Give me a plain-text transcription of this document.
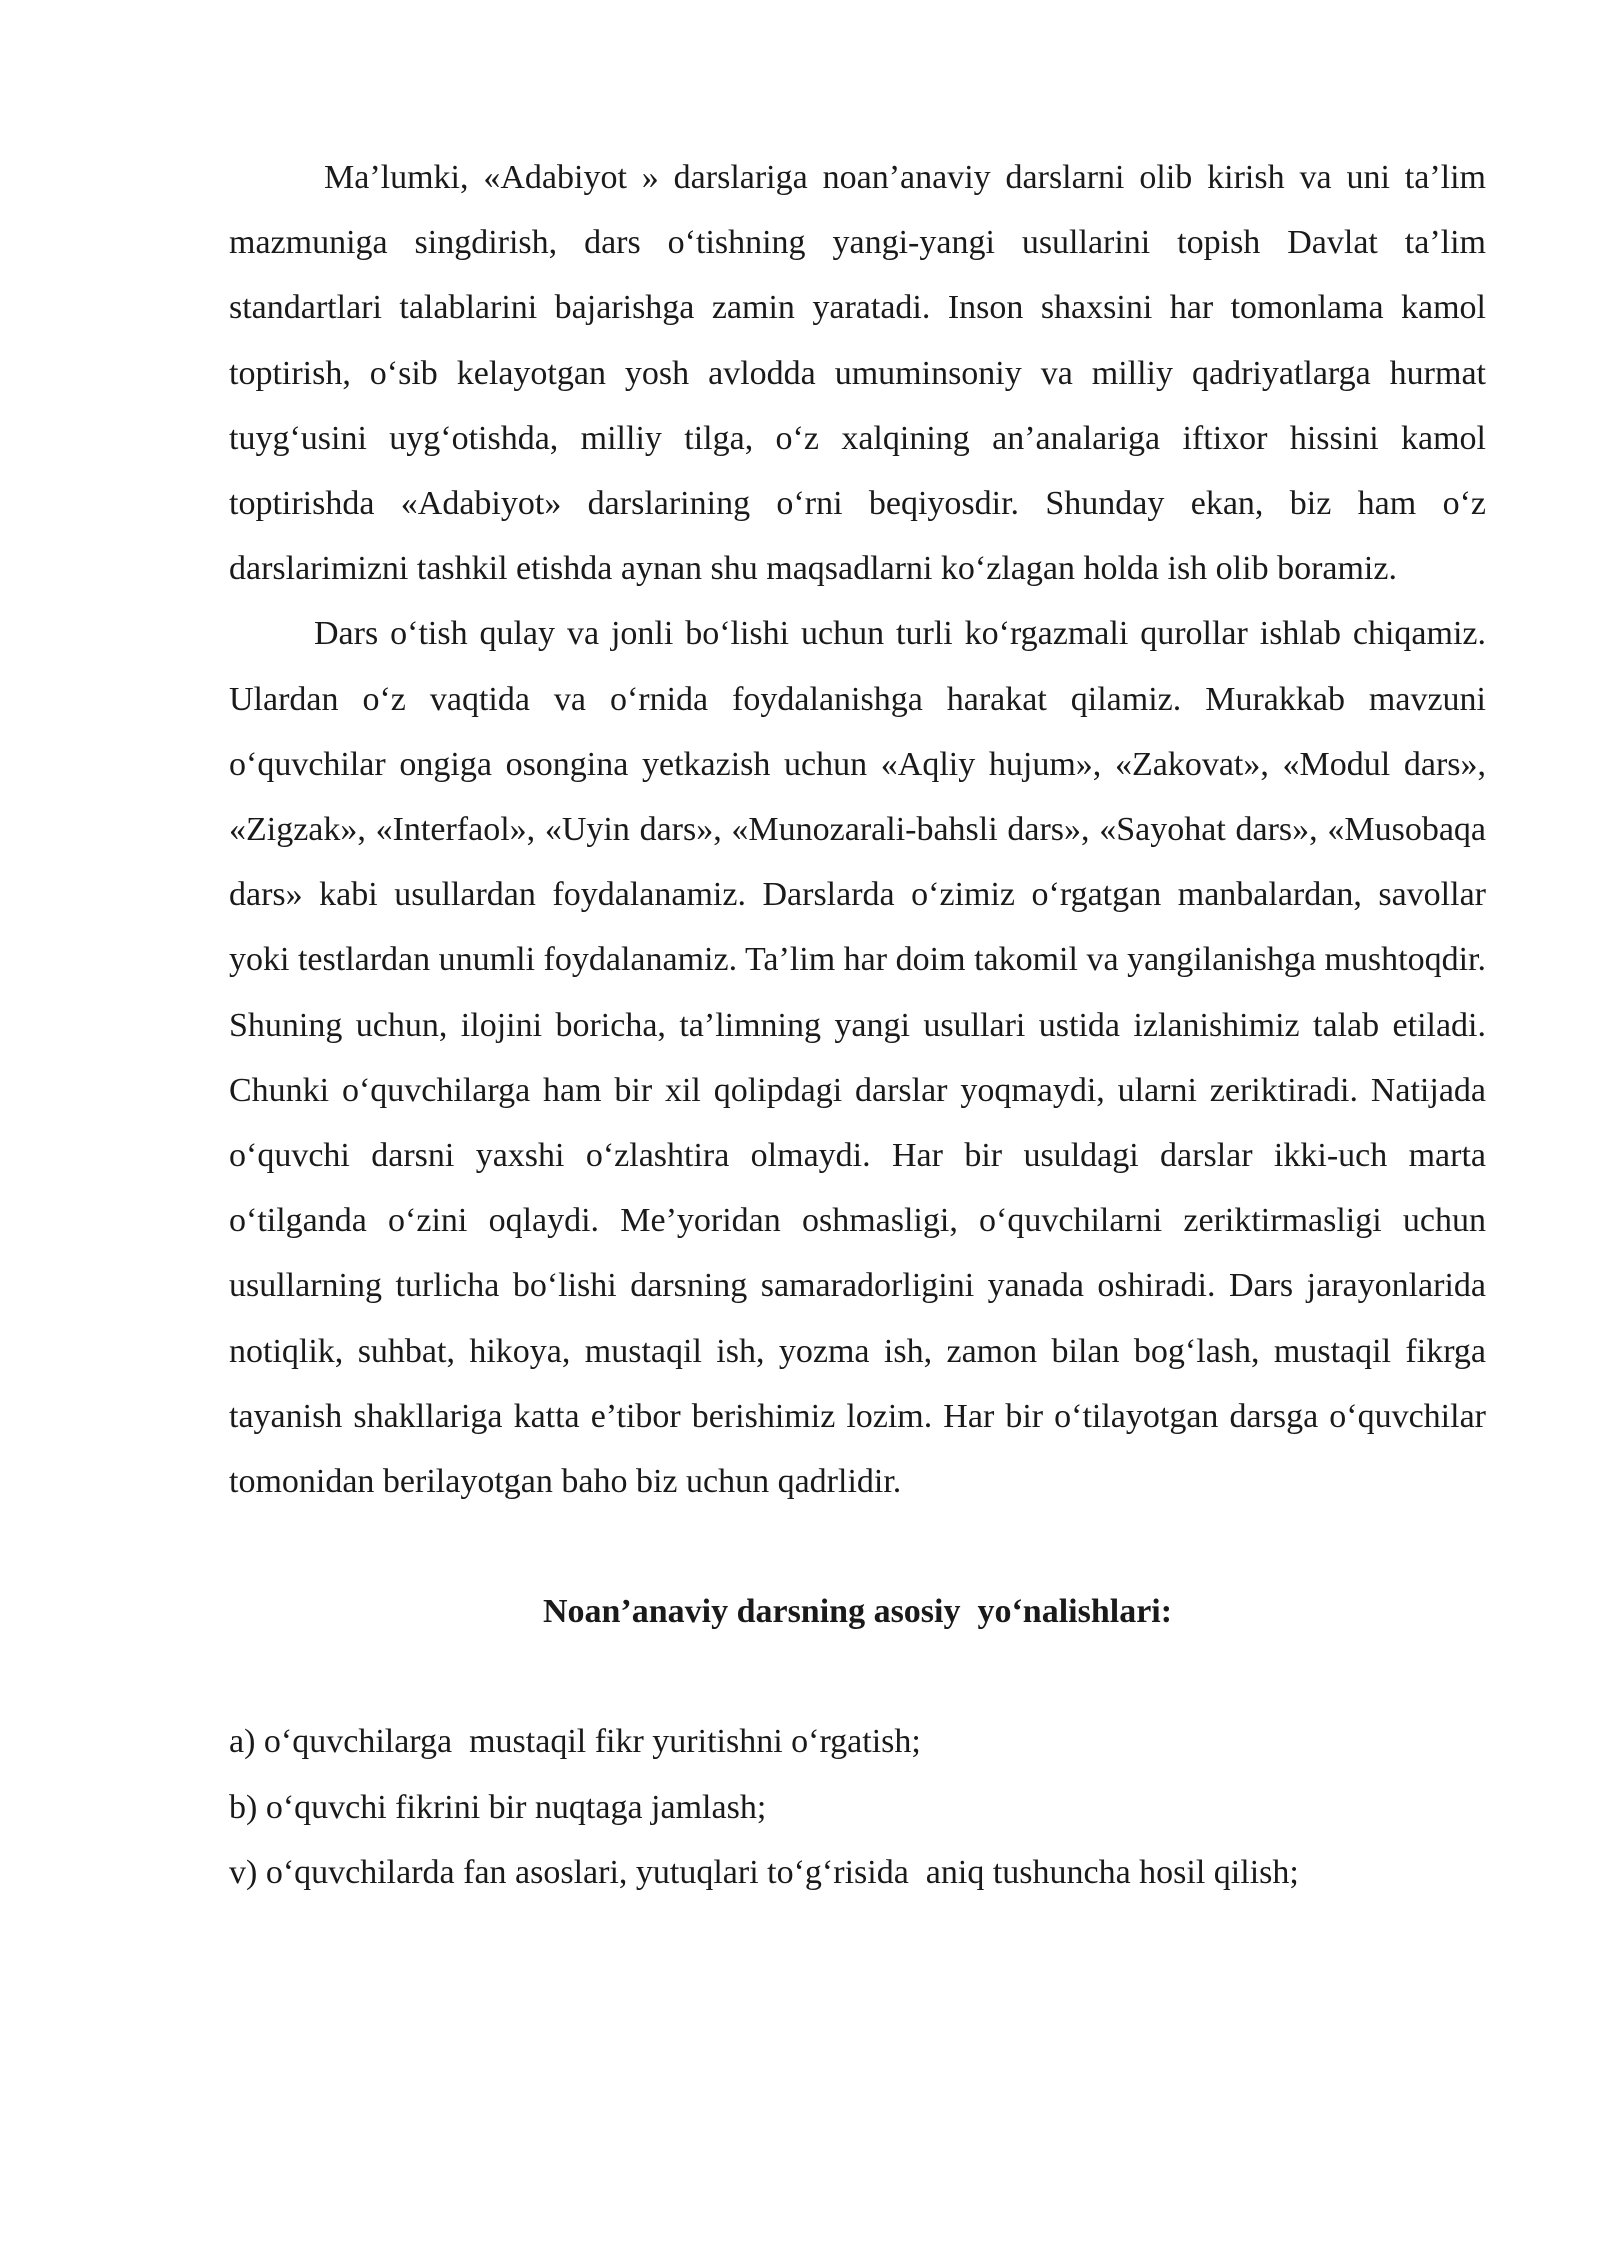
Ma’lumki, «Adabiyot » darslariga noan’anaviy darslarni olib kirish va uni ta’lim mazmuniga singdirish, dars o‘tishning yangi-yangi usullarini topish Davlat ta’lim standartlari talablarini bajarishga zamin yaratadi. Inson shaxsini har tomonlama kamol toptirish, o‘sib kelayotgan yosh avlodda umuminsoniy va milliy qadriyatlarga hurmat tuyg‘usini uyg‘otishda, milliy tilga, o‘z xalqining an’analariga iftixor hissini kamol toptirishda «Adabiyot» darslarining o‘rni beqiyosdir. Shunday ekan, biz ham o‘z darslarimizni tashkil etishda aynan shu maqsadlarni ko‘zlagan holda ish olib boramiz.

Dars o‘tish qulay va jonli bo‘lishi uchun turli ko‘rgazmali qurollar ishlab chiqamiz. Ulardan o‘z vaqtida va o‘rnida foydalanishga harakat qilamiz. Murakkab mavzuni o‘quvchilar ongiga osongina yetkazish uchun «Aqliy hujum», «Zakovat», «Modul dars», «Zigzak», «Interfaol», «Uyin dars», «Munozarali-bahsli dars», «Sayohat dars», «Musobaqa dars» kabi usullardan foydalanamiz. Darslarda o‘zimiz o‘rgatgan manbalardan, savollar yoki testlardan unumli foydalanamiz. Ta’lim har doim takomil va yangilanishga mushtoqdir. Shuning uchun, ilojini boricha, ta’limning yangi usullari ustida izlanishimiz talab etiladi. Chunki o‘quvchilarga ham bir xil qolipdagi darslar yoqmaydi, ularni zeriktiradi. Natijada o‘quvchi darsni yaxshi o‘zlashtira olmaydi. Har bir usuldagi darslar ikki-uch marta o‘tilganda o‘zini oqlaydi. Me’yoridan oshmasligi, o‘quvchilarni zeriktirmasligi uchun usullarning turlicha bo‘lishi darsning samaradorligini yanada oshiradi. Dars jarayonlarida notiqlik, suhbat, hikoya, mustaqil ish, yozma ish, zamon bilan bog‘lash, mustaqil fikrga tayanish shakllariga katta e’tibor berishimiz lozim. Har bir o‘tilayotgan darsga o‘quvchilar tomonidan berilayotgan baho biz uchun qadrlidir.

Noan’anaviy darsning asosiy  yo‘nalishlari:

a) o‘quvchilarga  mustaqil fikr yuritishni o‘rgatish;

b) o‘quvchi fikrini bir nuqtaga jamlash;

v) o‘quvchilarda fan asoslari, yutuqlari to‘g‘risida  aniq tushuncha hosil qilish;
